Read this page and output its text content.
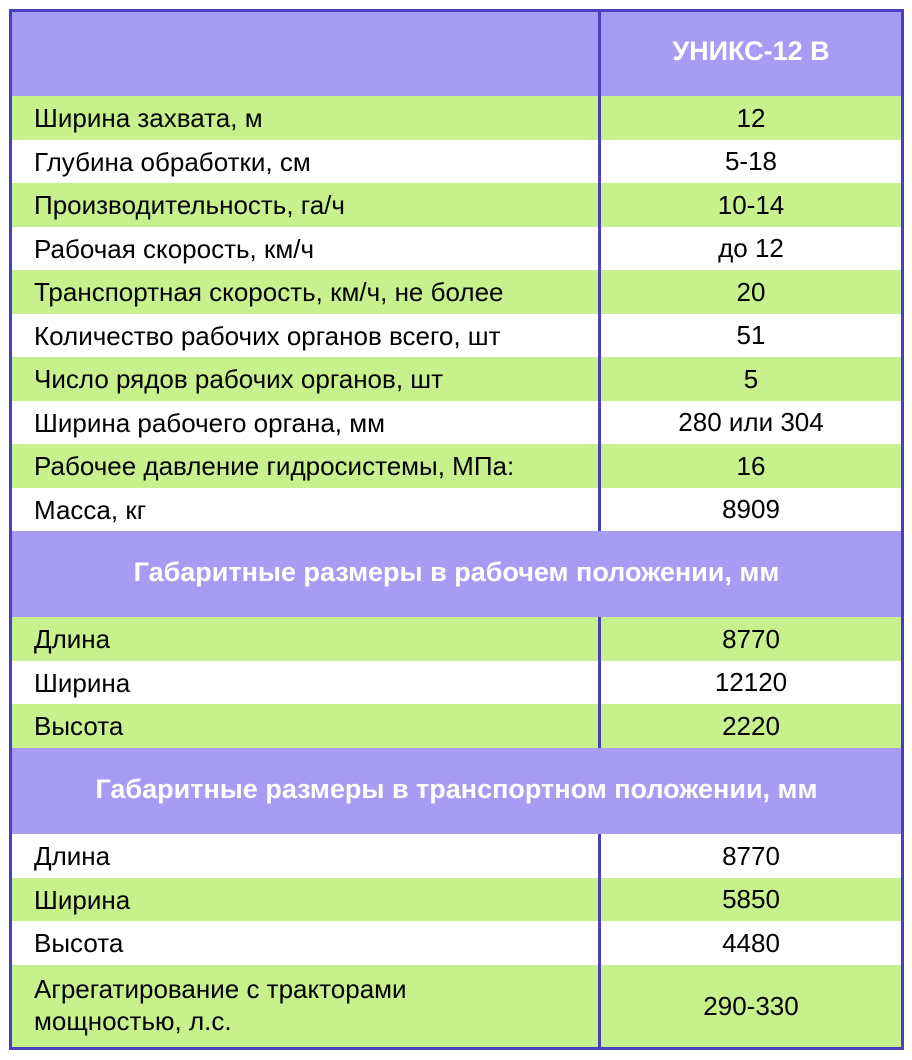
УНИКС-12 В
Ширина захвата, м	12
Глубина обработки, см	5-18
Производительность, га/ч	10-14
Рабочая скорость, км/ч	до 12
Транспортная скорость, км/ч, не более	20
Количество рабочих органов всего, шт	51
Число рядов рабочих органов, шт	5
Ширина рабочего органа, мм	280 или 304
Рабочее давление гидросистемы, МПа:	16
Масса, кг	8909
Габаритные размеры в рабочем положении, мм
Длина	8770
Ширина	12120
Высота	2220
Габаритные размеры в транспортном положении, мм
Длина	8770
Ширина	5850
Высота	4480
Агрегатирование с тракторами
мощностью, л.с.	290-330
